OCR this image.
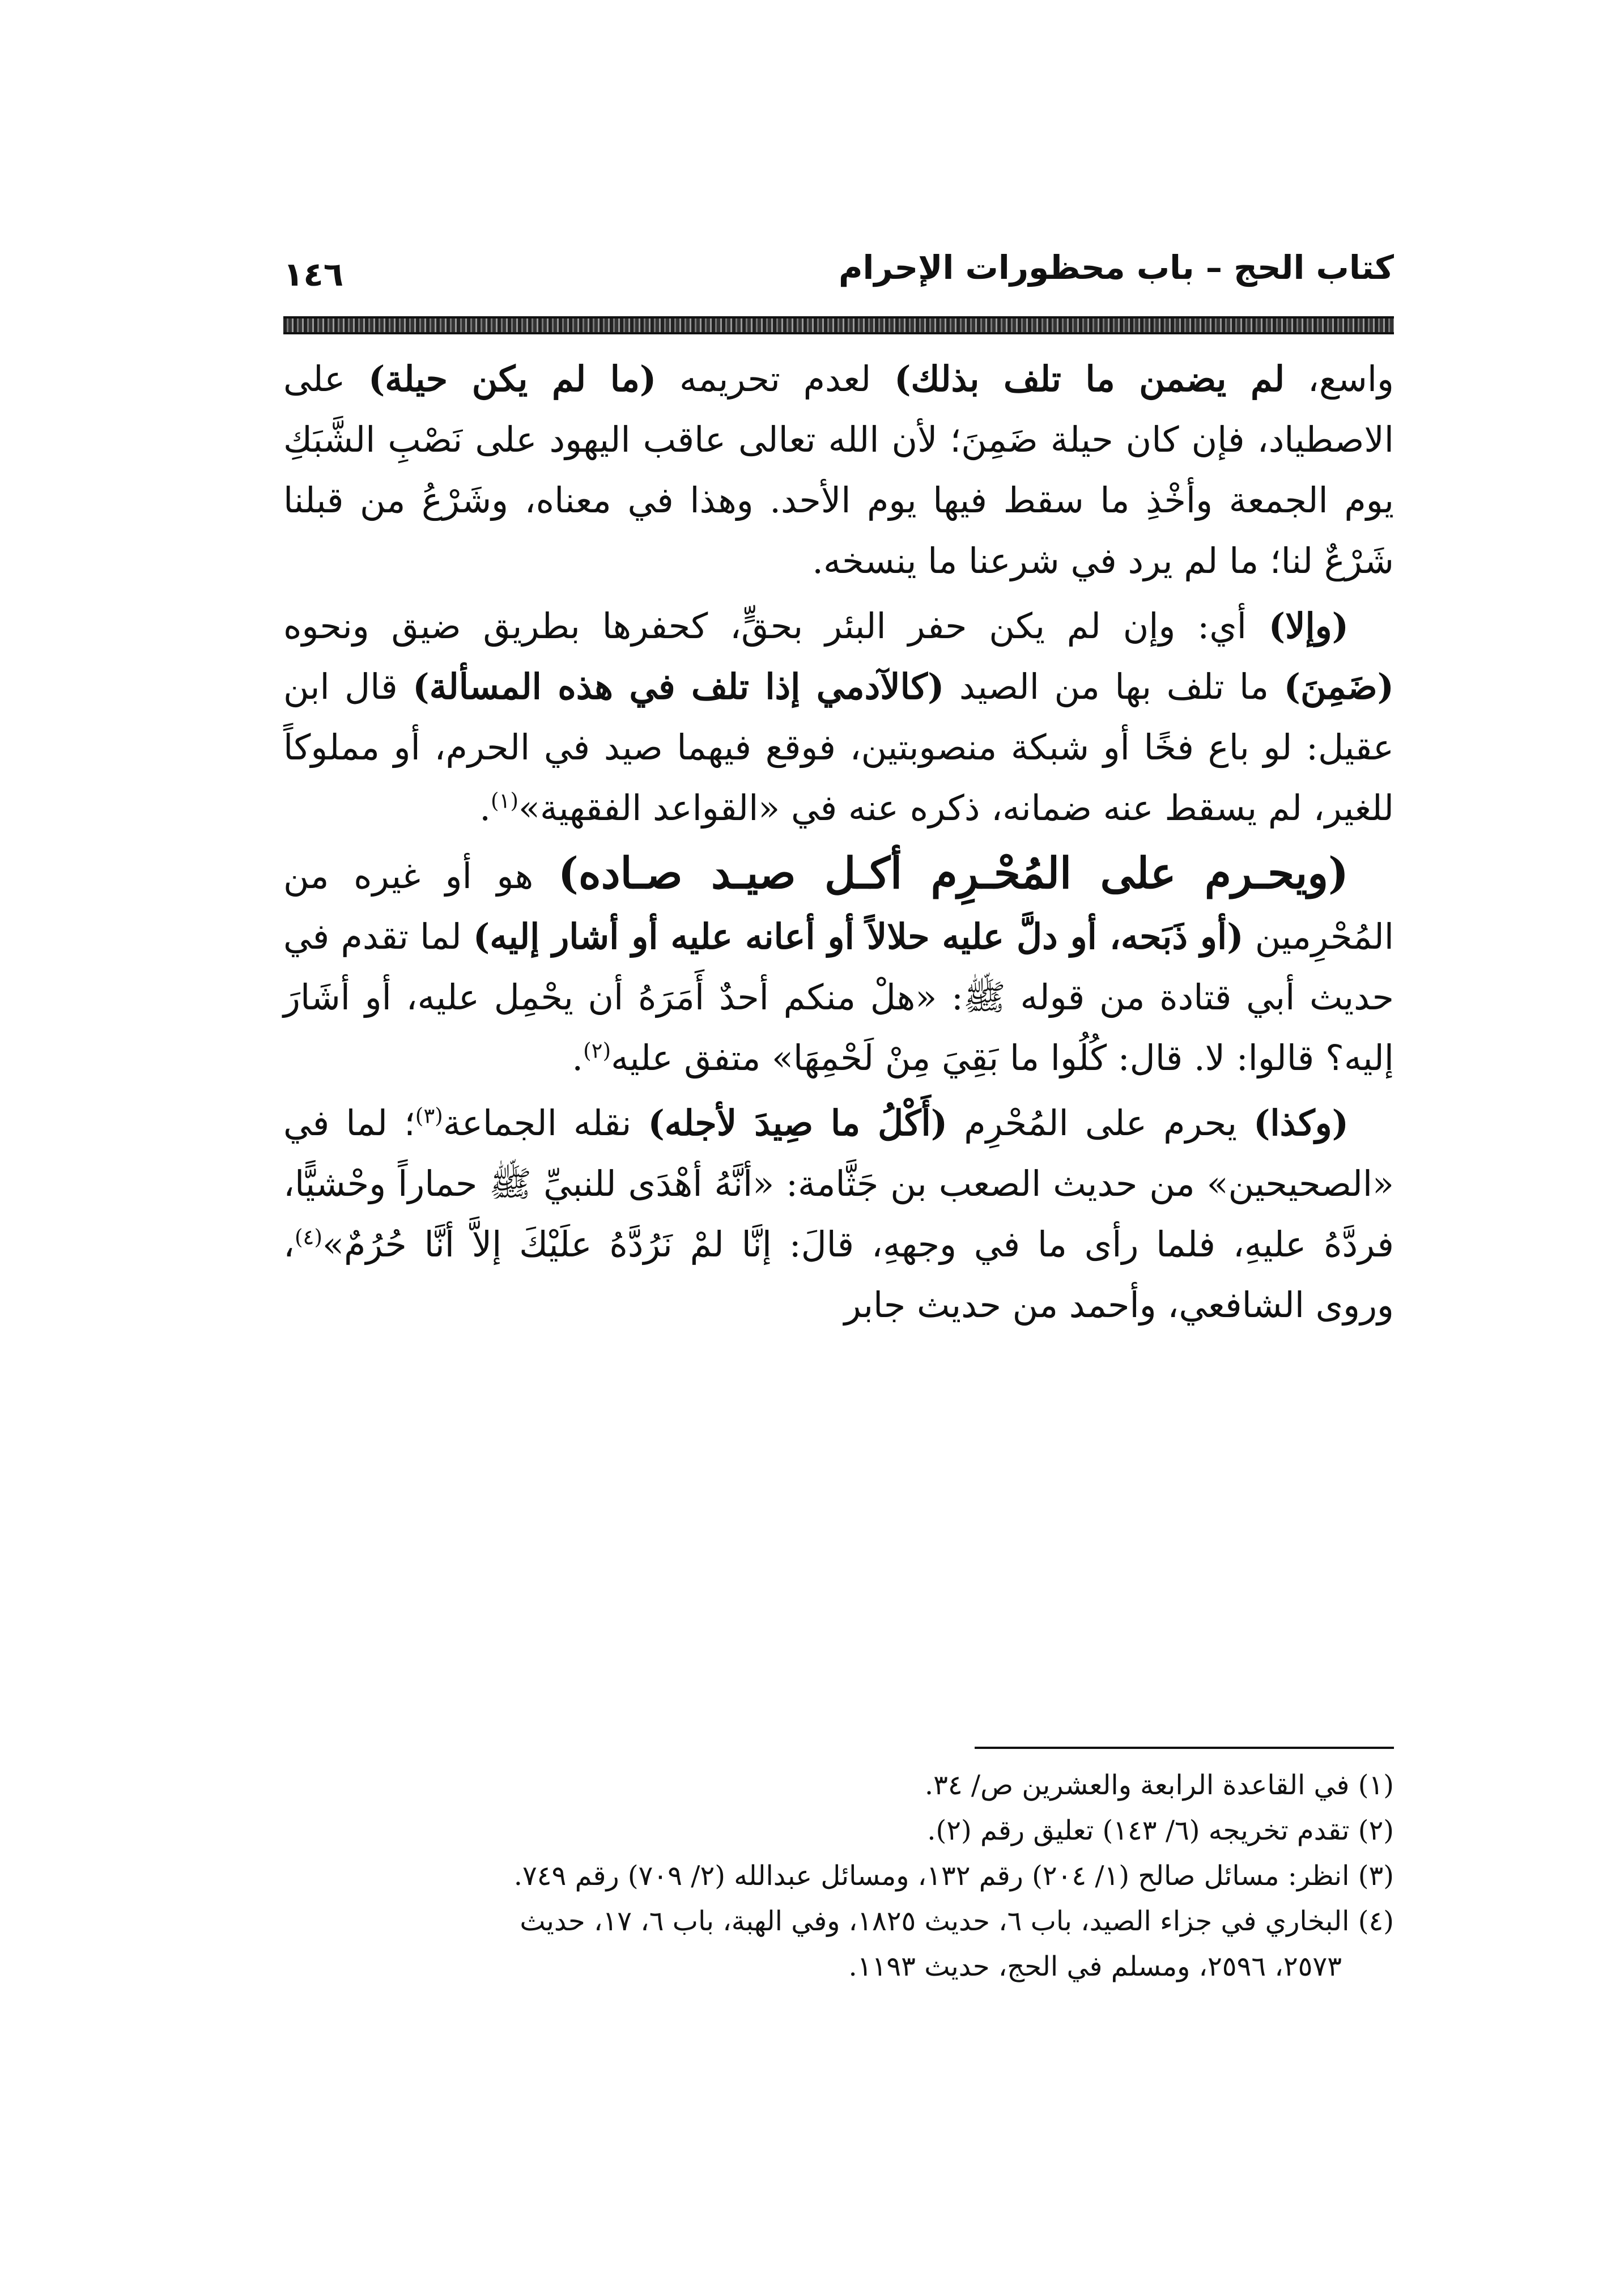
كتاب الحج – باب محظورات الإحرام
١٤٦

واسع، لم يضمن ما تلف بذلك) لعدم تحريمه (ما لم يكن حيلة) على الاصطياد، فإن كان حيلة ضَمِنَ؛ لأن الله تعالى عاقب اليهود على نَصْبِ الشَّبَكِ يوم الجمعة وأخْذِ ما سقط فيها يوم الأحد. وهذا في معناه، وشَرْعُ من قبلنا شَرْعٌ لنا؛ ما لم يرد في شرعنا ما ينسخه.

(وإلا) أي: وإن لم يكن حفر البئر بحقٍّ، كحفرها بطريق ضيق ونحوه (ضَمِنَ) ما تلف بها من الصيد (كالآدمي إذا تلف في هذه المسألة) قال ابن عقيل: لو باع فخًا أو شبكة منصوبتين، فوقع فيهما صيد في الحرم، أو مملوكاً للغير، لم يسقط عنه ضمانه، ذكره عنه في «القواعد الفقهية»$^{(١)}$.

(ويحـرم على المُحْـرِم أكـل صيـد صـاده) هو أو غيره من المُحْرِمين (أو ذَبَحه، أو دلَّ عليه حلالاً أو أعانه عليه أو أشار إليه) لما تقدم في حديث أبي قتادة من قوله ﷺ: «هلْ منكم أحدٌ أَمَرَهُ أن يحْمِل عليه، أو أشَارَ إليه؟ قالوا: لا. قال: كُلُوا ما بَقِيَ مِنْ لَحْمِهَا» متفق عليه$^{(٢)}$.

(وكذا) يحرم على المُحْرِم (أَكْلُ ما صِيدَ لأجله) نقله الجماعة$^{(٣)}$؛ لما في «الصحيحين» من حديث الصعب بن جَثَّامة: «أنَّهُ أهْدَى للنبيِّ ﷺ حماراً وحْشيًّا، فردَّهُ عليهِ، فلما رأى ما في وجههِ، قالَ: إنَّا لمْ نَرُدَّهُ علَيْكَ إلاَّ أنَّا حُرُمٌ»$^{(٤)}$، وروى الشافعي، وأحمد من حديث جابر

(١) في القاعدة الرابعة والعشرين ص/ ٣٤.

(٢) تقدم تخريجه (٦/ ١٤٣) تعليق رقم (٢).

(٣) انظر: مسائل صالح (١/ ٢٠٤) رقم ١٣٢، ومسائل عبدالله (٢/ ٧٠٩) رقم ٧٤٩.

(٤) البخاري في جزاء الصيد، باب ٦، حديث ١٨٢٥، وفي الهبة، باب ٦، ١٧، حديث

٢٥٧٣، ٢٥٩٦، ومسلم في الحج، حديث ١١٩٣.
